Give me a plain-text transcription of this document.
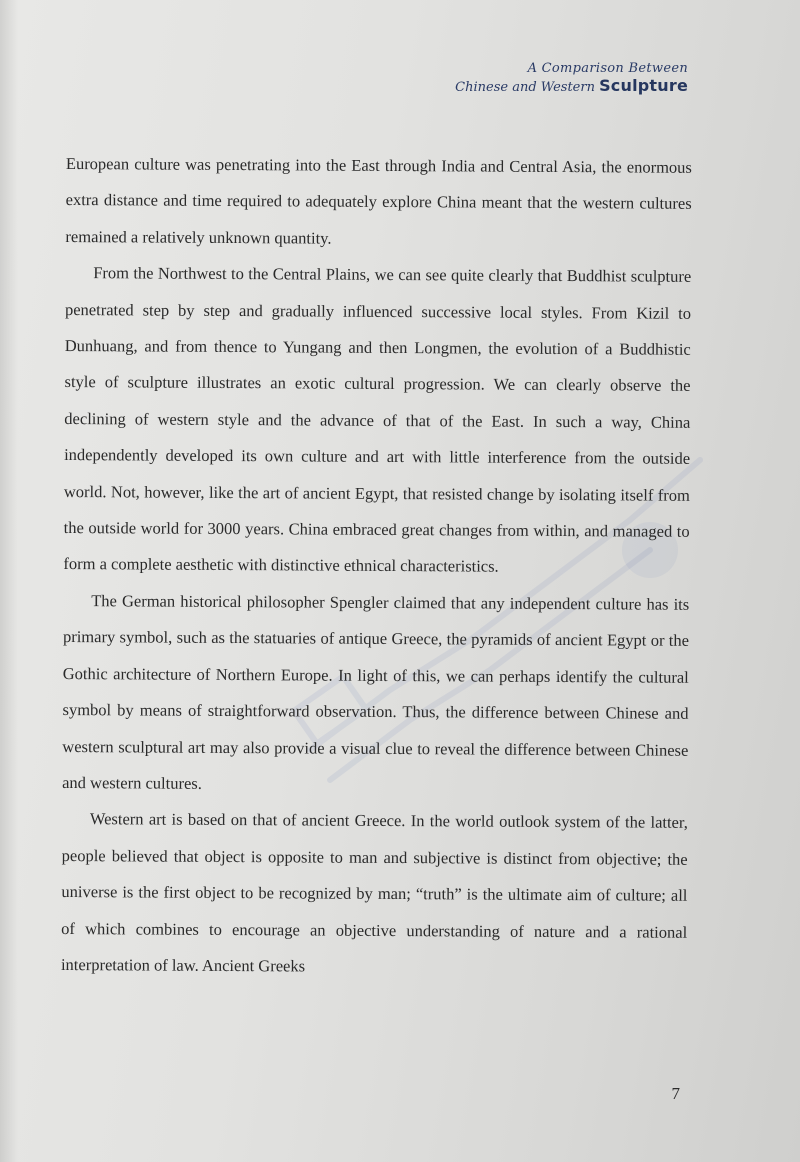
A Comparison Between
Chinese and Western Sculpture

European culture was penetrating into the East through India and Central Asia, the enormous extra distance and time required to adequately explore China meant that the western cultures remained a relatively unknown quantity.

From the Northwest to the Central Plains, we can see quite clearly that Buddhist sculpture penetrated step by step and gradually influenced successive local styles. From Kizil to Dunhuang, and from thence to Yungang and then Longmen, the evolution of a Buddhistic style of sculpture illustrates an exotic cultural progression. We can clearly observe the declining of western style and the advance of that of the East. In such a way, China independently developed its own culture and art with little interference from the outside world. Not, however, like the art of ancient Egypt, that resisted change by isolating itself from the outside world for 3000 years. China embraced great changes from within, and managed to form a complete aesthetic with distinctive ethnical characteristics.

The German historical philosopher Spengler claimed that any independent culture has its primary symbol, such as the statuaries of antique Greece, the pyramids of ancient Egypt or the Gothic architecture of Northern Europe. In light of this, we can perhaps identify the cultural symbol by means of straightforward observation. Thus, the difference between Chinese and western sculptural art may also provide a visual clue to reveal the difference between Chinese and western cultures.

Western art is based on that of ancient Greece. In the world outlook system of the latter, people believed that object is opposite to man and subjective is distinct from objective; the universe is the first object to be recognized by man; “truth” is the ultimate aim of culture; all of which combines to encourage an objective understanding of nature and a rational interpretation of law. Ancient Greeks

7
